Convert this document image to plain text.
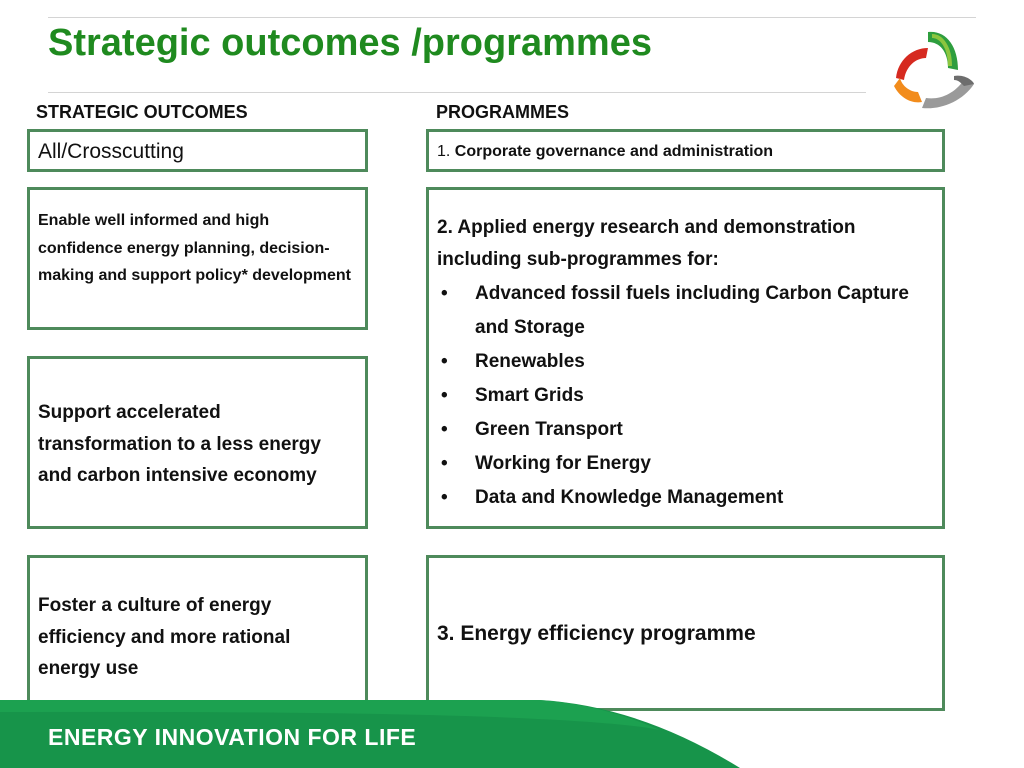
Strategic outcomes /programmes
STRATEGIC OUTCOMES	PROGRAMMES
All/Crosscutting
Enable well informed and high confidence energy planning, decision-making and support policy* development
Support accelerated transformation to a less energy and carbon intensive economy
Foster a culture of energy efficiency and more rational energy use
1. Corporate governance and administration
2. Applied energy research and demonstration including sub-programmes for:
• Advanced fossil fuels including Carbon Capture and Storage
• Renewables
• Smart Grids
• Green Transport
• Working for Energy
• Data and Knowledge Management
3. Energy efficiency programme
ENERGY INNOVATION FOR LIFE
